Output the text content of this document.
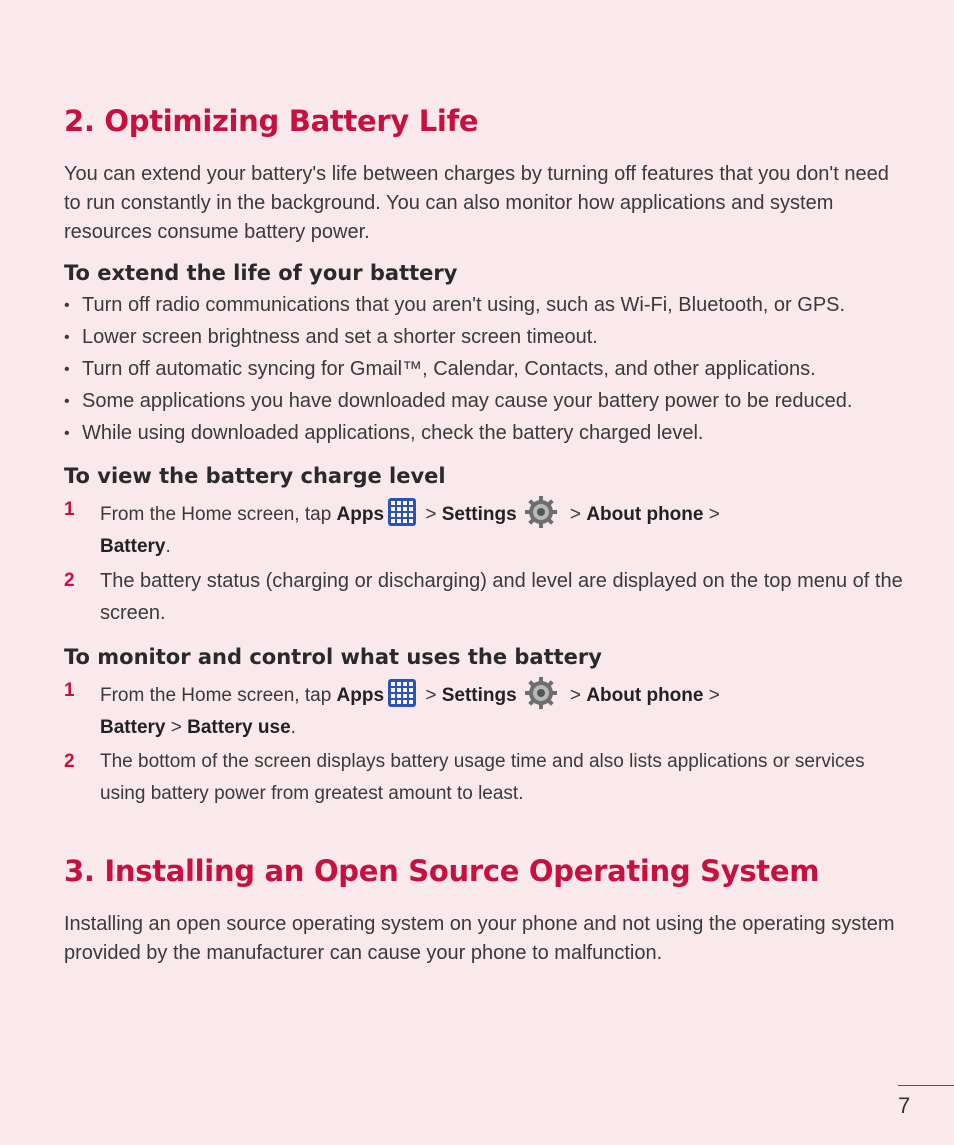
2. Optimizing Battery Life

You can extend your battery's life between charges by turning off features that you don't need to run constantly in the background. You can also monitor how applications and system resources consume battery power.

To extend the life of your battery
• Turn off radio communications that you aren't using, such as Wi-Fi, Bluetooth, or GPS.
• Lower screen brightness and set a shorter screen timeout.
• Turn off automatic syncing for Gmail™, Calendar, Contacts, and other applications.
• Some applications you have downloaded may cause your battery power to be reduced.
• While using downloaded applications, check the battery charged level.
To view the battery charge level
1 From the Home screen, tap Apps
> Settings	> About phone >
Battery.
2 The battery status (charging or discharging) and level are displayed on the top menu of the screen.
To monitor and control what uses the battery
1 From the Home screen, tap Apps
> Settings	> About phone >
Battery > Battery use.
2 The bottom of the screen displays battery usage time and also lists applications or services using battery power from greatest amount to least.
3. Installing an Open Source Operating System

Installing an open source operating system on your phone and not using the operating system provided by the manufacturer can cause your phone to malfunction.

7
